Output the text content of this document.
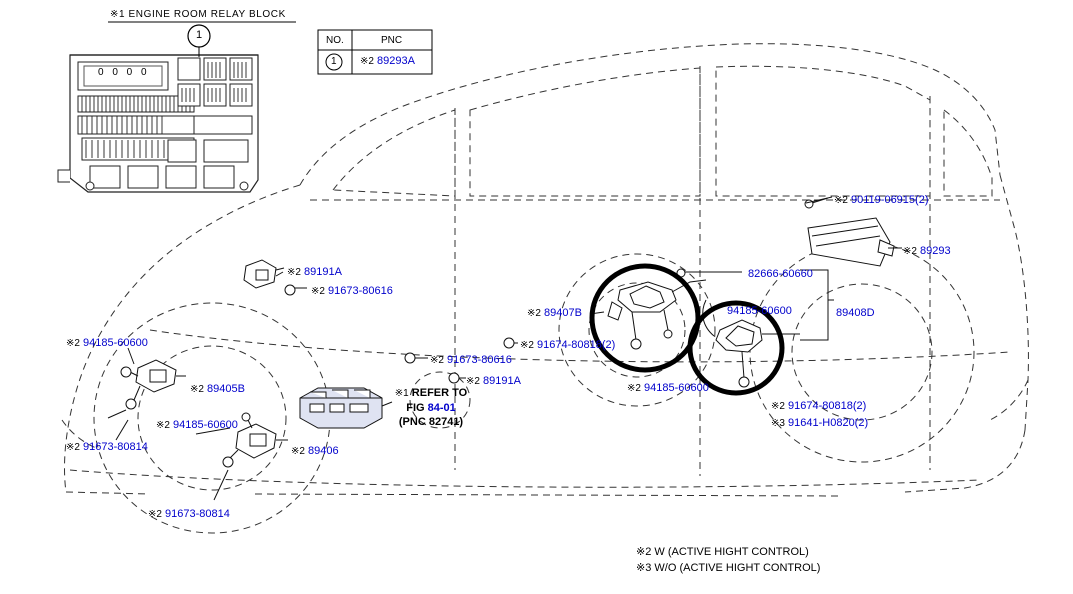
※1 ENGINE ROOM RELAY BLOCK
0 0 0 0
1	NO.	PNC
1 ※2 89293A
※2 90119-06915(2)
※2 89293
82666-60660
※2 89191A
※2 91673-80616
※2 89407B	94185-60600	89408D
※2 94185-60600
※2 91673-80616
※2 91674-80818(2)
※2 89405B
※2 89191A
※2 94185-60600
※2 94185-60600
※2 91674-80818(2)
※3 91641-H0820(2)
※2 91673-80814	※2 89406
※2 91673-80814
※1 REFER TO
FIG 84-01
(PNC 82741)
※2 W (ACTIVE HIGHT CONTROL)
※3 W/O (ACTIVE HIGHT CONTROL)
